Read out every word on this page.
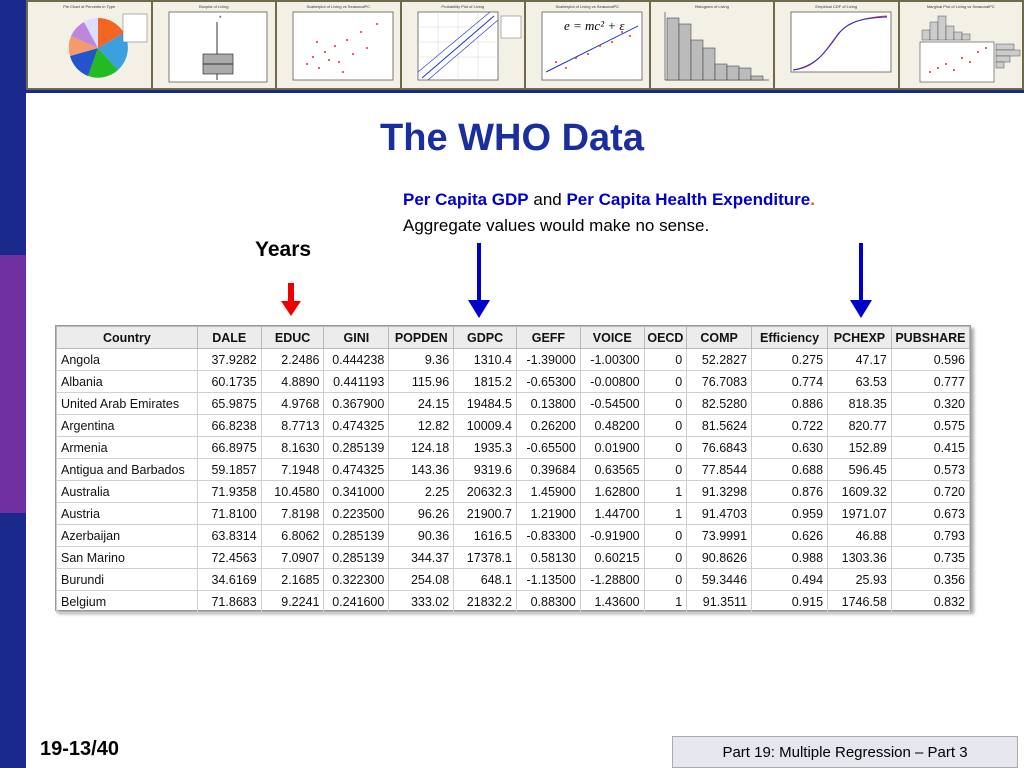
Pie Chart of Percents in Type	Boxplot of Living
*
Scatterplot of Living vs SeasonalPC	Probability Plot of Living	Scatterplot of Living vs SeasonalPC
e = mc² + ε
Histogram of Living	Empirical CDF of Living	Marginal Plot of Living vs SeasonalPC
The WHO Data
Per Capita GDP and Per Capita Health Expenditure.
Aggregate values would make no sense.
Years
Country	DALE	EDUC	GINI	POPDEN	GDPC	GEFF	VOICE	OECD	COMP	Efficiency	PCHEXP	PUBSHARE
Angola	37.9282	2.2486	0.444238	9.36	1310.4	-1.39000	-1.00300	0	52.2827	0.275	47.17	0.596
Albania	60.1735	4.8890	0.441193	115.96	1815.2	-0.65300	-0.00800	0	76.7083	0.774	63.53	0.777
United Arab Emirates	65.9875	4.9768	0.367900	24.15	19484.5	0.13800	-0.54500	0	82.5280	0.886	818.35	0.320
Argentina	66.8238	8.7713	0.474325	12.82	10009.4	0.26200	0.48200	0	81.5624	0.722	820.77	0.575
Armenia	66.8975	8.1630	0.285139	124.18	1935.3	-0.65500	0.01900	0	76.6843	0.630	152.89	0.415
Antigua and Barbados	59.1857	7.1948	0.474325	143.36	9319.6	0.39684	0.63565	0	77.8544	0.688	596.45	0.573
Australia	71.9358	10.4580	0.341000	2.25	20632.3	1.45900	1.62800	1	91.3298	0.876	1609.32	0.720
Austria	71.8100	7.8198	0.223500	96.26	21900.7	1.21900	1.44700	1	91.4703	0.959	1971.07	0.673
Azerbaijan	63.8314	6.8062	0.285139	90.36	1616.5	-0.83300	-0.91900	0	73.9991	0.626	46.88	0.793
San Marino	72.4563	7.0907	0.285139	344.37	17378.1	0.58130	0.60215	0	90.8626	0.988	1303.36	0.735
Burundi	34.6169	2.1685	0.322300	254.08	648.1	-1.13500	-1.28800	0	59.3446	0.494	25.93	0.356
Belgium	71.8683	9.2241	0.241600	333.02	21832.2	0.88300	1.43600	1	91.3511	0.915	1746.58	0.832
19-13/40	Part 19: Multiple Regression – Part 3
